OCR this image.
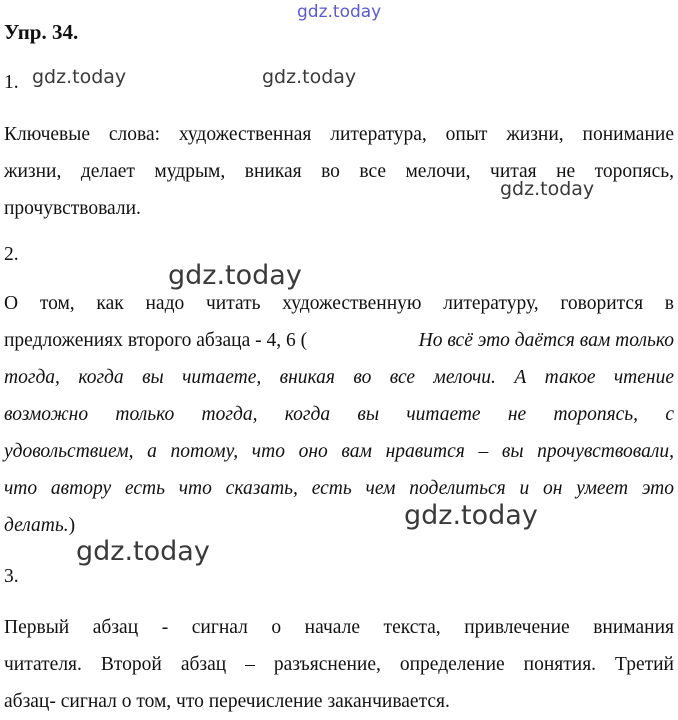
gdz.today
Упр. 34.
1. gdz.today	gdz.today
Ключевые слова: художественная литература, опыт жизни, понимание
жизни, делает мудрым, вникая во все мелочи, читая не торопясь,
прочувствовали.
gdz.today
2.
gdz.today
О том, как надо читать художественную литературу, говорится в
предложениях второго абзаца - 4, 6 (	Но всё это даётся вам только
тогда, когда вы читаете, вникая во все мелочи. А такое чтение
возможно только тогда, когда вы читаете не торопясь, с
удовольствием, а потому, что оно вам нравится – вы прочувствовали,
что автору есть что сказать, есть чем поделиться и он умеет это
делать.)	gdz.today
gdz.today
3.
Первый абзац - сигнал о начале текста, привлечение внимания
читателя. Второй абзац – разъяснение, определение понятия. Третий
абзац- сигнал о том, что перечисление заканчивается.
